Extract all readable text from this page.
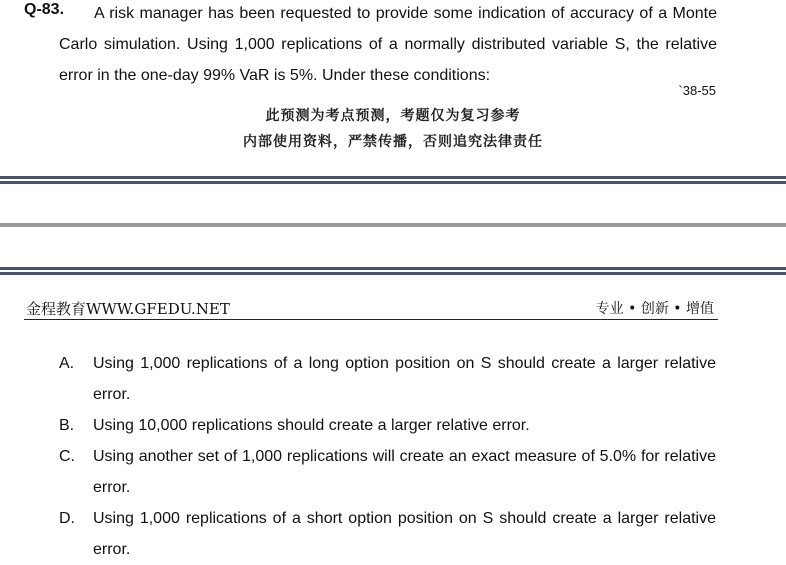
Q-83.	A risk manager has been requested to provide some indication of accuracy of a Monte Carlo simulation. Using 1,000 replications of a normally distributed variable S, the relative error in the one-day 99% VaR is 5%. Under these conditions:
`38-55
此预测为考点预测，考题仅为复习参考
内部使用资料，严禁传播，否则追究法律责任
金程教育WWW.GFEDU.NET	专业 • 创新 • 增值
A. Using 1,000 replications of a long option position on S should create a larger relative error.
B. Using 10,000 replications should create a larger relative error.
C. Using another set of 1,000 replications will create an exact measure of 5.0% for relative error.
D. Using 1,000 replications of a short option position on S should create a larger relative error.
